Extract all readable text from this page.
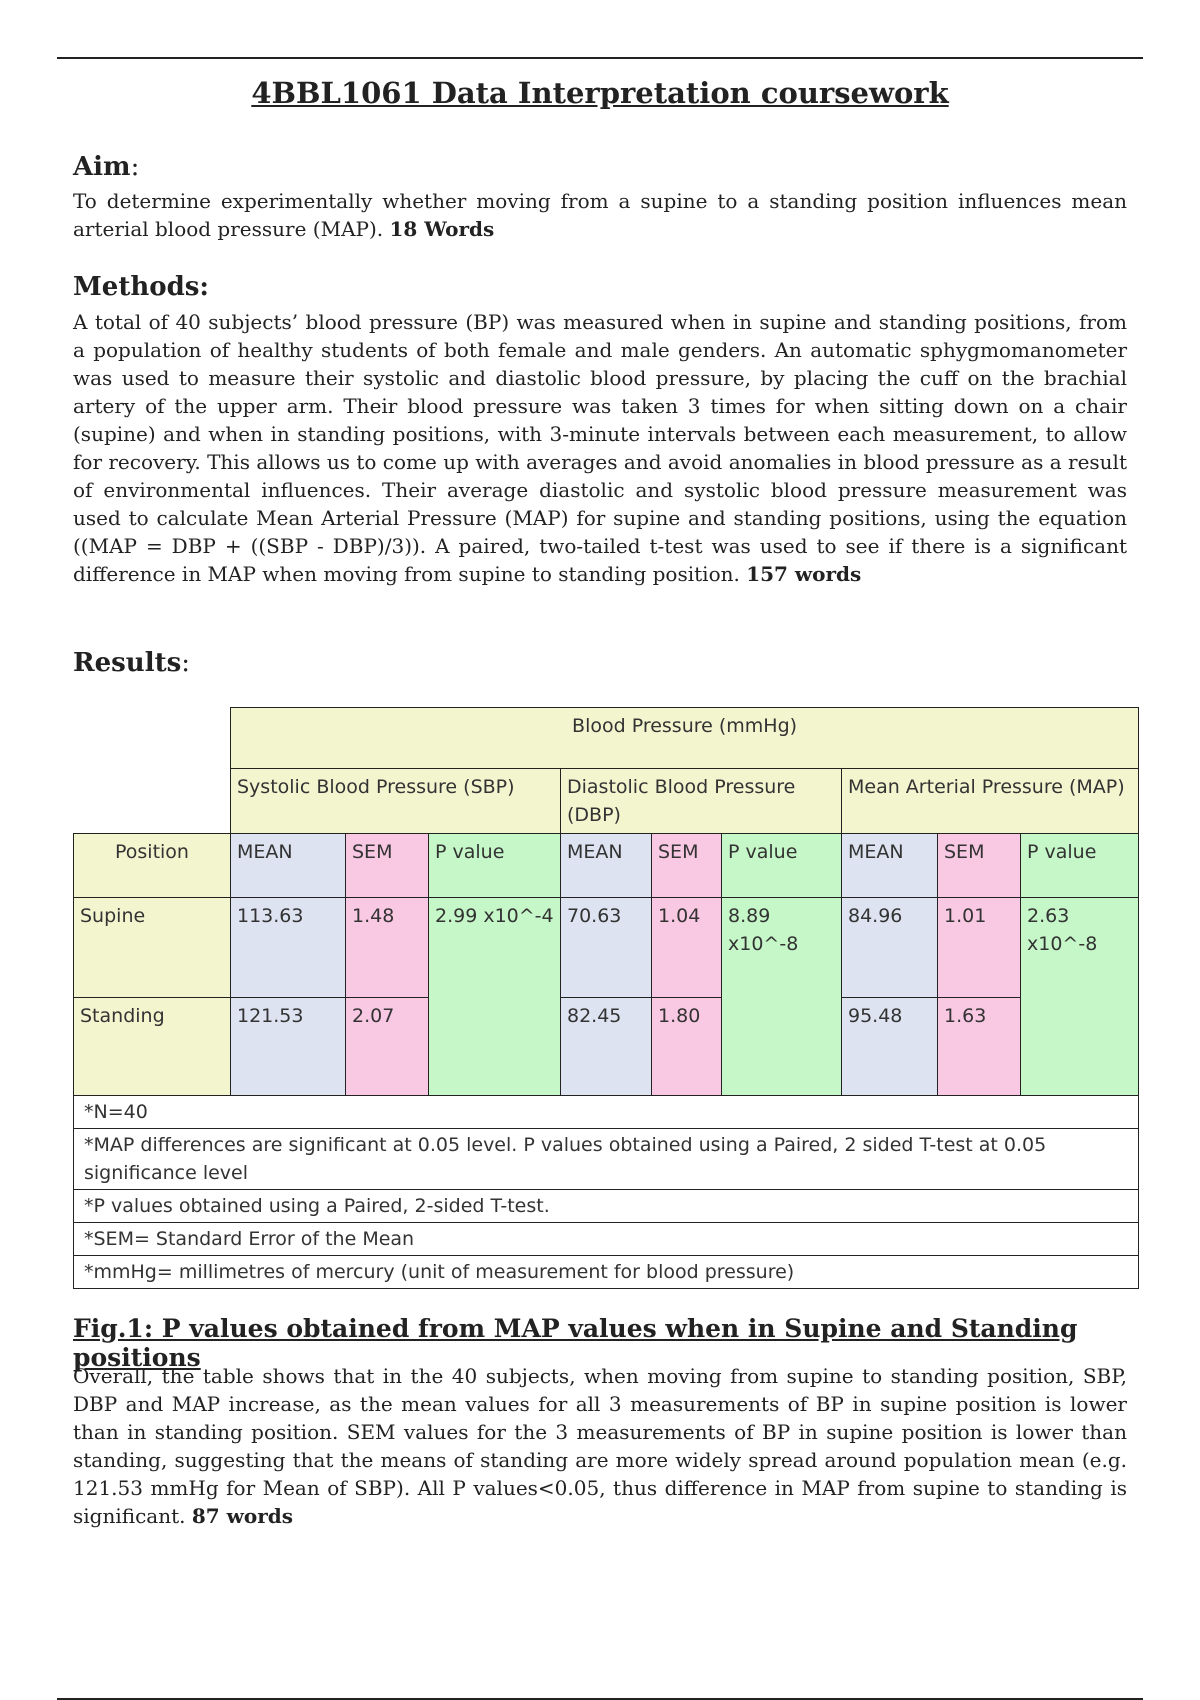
4BBL1061 Data Interpretation coursework
Aim:
To determine experimentally whether moving from a supine to a standing position influences mean arterial blood pressure (MAP). 18 Words
Methods:
A total of 40 subjects’ blood pressure (BP) was measured when in supine and standing positions, from a population of healthy students of both female and male genders. An automatic sphygmomanometer was used to measure their systolic and diastolic blood pressure, by placing the cuff on the brachial artery of the upper arm. Their blood pressure was taken 3 times for when sitting down on a chair (supine) and when in standing positions, with 3-minute intervals between each measurement, to allow for recovery. This allows us to come up with averages and avoid anomalies in blood pressure as a result of environmental influences. Their average diastolic and systolic blood pressure measurement was used to calculate Mean Arterial Pressure (MAP) for supine and standing positions, using the equation ((MAP = DBP + ((SBP - DBP)/3)). A paired, two-tailed t-test was used to see if there is a significant difference in MAP when moving from supine to standing position. 157 words
Results:
	Blood Pressure (mmHg)								
	Systolic Blood Pressure (SBP)			Diastolic Blood Pressure (DBP)			Mean Arterial Pressure (MAP)		
Position	MEAN	SEM	P value	MEAN	SEM	P value	MEAN	SEM	P value
Supine	113.63	1.48	2.99 x10^-4	70.63	1.04	8.89 x10^-8	84.96	1.01	2.63 x10^-8
Standing	121.53	2.07		82.45	1.80		95.48	1.63	
*N=40									
*MAP differences are significant at 0.05 level. P values obtained using a Paired, 2 sided T-test at 0.05 significance level									
*P values obtained using a Paired, 2-sided T-test.									
*SEM= Standard Error of the Mean									
*mmHg= millimetres of mercury (unit of measurement for blood pressure)									
Fig.1: P values obtained from MAP values when in Supine and Standing positions
Overall, the table shows that in the 40 subjects, when moving from supine to standing position, SBP, DBP and MAP increase, as the mean values for all 3 measurements of BP in supine position is lower than in standing position. SEM values for the 3 measurements of BP in supine position is lower than standing, suggesting that the means of standing are more widely spread around population mean (e.g. 121.53 mmHg for Mean of SBP). All P values<0.05, thus difference in MAP from supine to standing is significant. 87 words
